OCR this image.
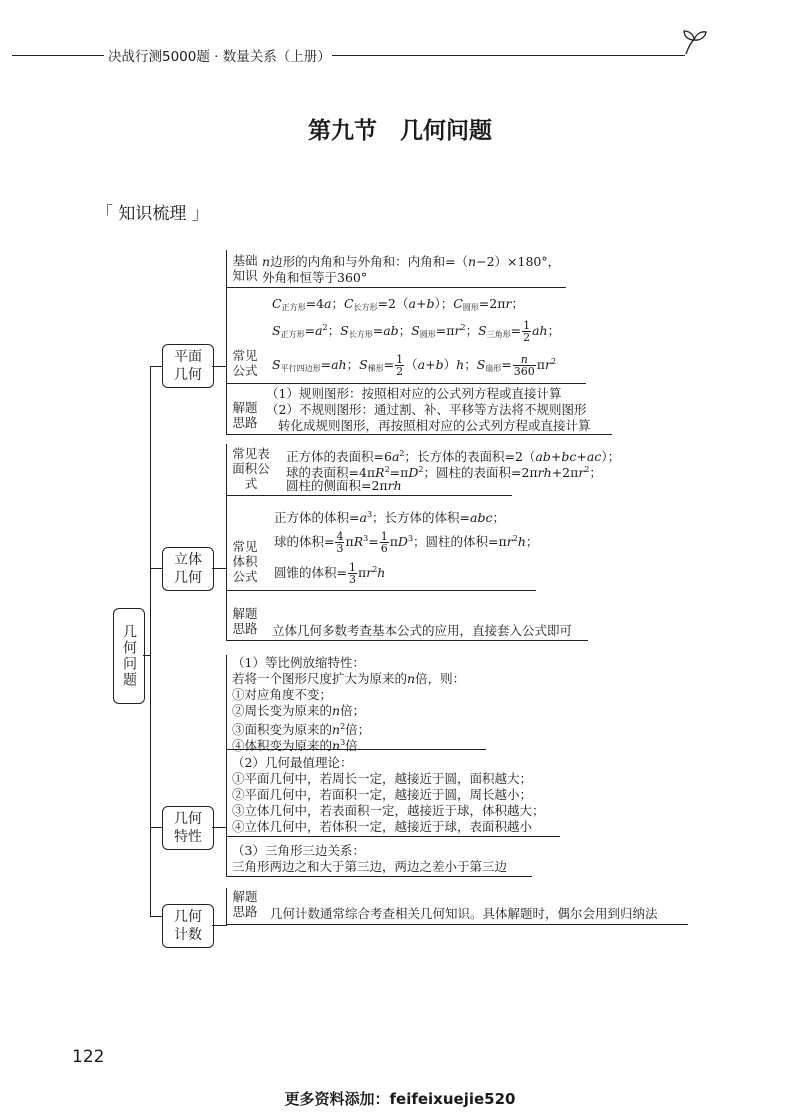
决战行测5000题 · 数量关系（上册）
第九节　几何问题
「 知识梳理 」
几何问题
平面几何
基础知识
n边形的内角和与外角和：内角和=（n−2）×180°，
外角和恒等于360°
常见公式
$C_{正方形}=4a$；$C_{长方形}=2(a+b)$；$C_{圆形}=2\pi r$；
$S_{正方形}=a^2$；$S_{长方形}=ab$；$S_{圆形}=\pi r^2$；$S_{三角形}= \frac{1}{2}$ ah；
$S_{平行四边形}=ah$；$S_{梯形}= \frac{1}{2} (a+b)h$；$S_{扇形}= \frac{n}{360} \pi r^2$
解题思路
（1）规则图形：按照相对应的公式列方程或直接计算
（2）不规则图形：通过割、补、平移等方法将不规则图形
转化成规则图形，再按照相对应的公式列方程或直接计算
立体几何
常见表面积公式
正方体的表面积$=6a^2$；长方体的表面积=2（ab+bc+ac）；
球的表面积$=4\pi R^2=\pi D^2$；圆柱的表面积$=2\pi rh+2\pi r^2$；
圆柱的侧面积=2πrh
常见体积公式
正方体的体积$=a^3$；长方体的体积=abc；
球的体积= $\frac{4}{3} \pi R^3= \frac{1}{6} \pi D^3$；圆柱的体积$=\pi r^2h$；
圆锥的体积= $\frac{1}{3} \pi r^2h$
解题思路 立体几何多数考查基本公式的应用，直接套入公式即可
几何特性
（1）等比例放缩特性：
若将一个图形尺度扩大为原来的n倍，则：
①对应角度不变；
②周长变为原来的n倍；
③面积变为原来的$n^2$倍；
④体积变为原来的$n^3$倍
（2）几何最值理论：
①平面几何中，若周长一定，越接近于圆，面积越大；
②平面几何中，若面积一定，越接近于圆，周长越小；
③立体几何中，若表面积一定，越接近于球，体积越大；
④立体几何中，若体积一定，越接近于球，表面积越小
（3）三角形三边关系：
三角形两边之和大于第三边，两边之差小于第三边
几何计数
解题思路 几何计数通常综合考查相关几何知识。具体解题时，偶尔会用到归纳法
122
更多资料添加：feifeixuejie520
